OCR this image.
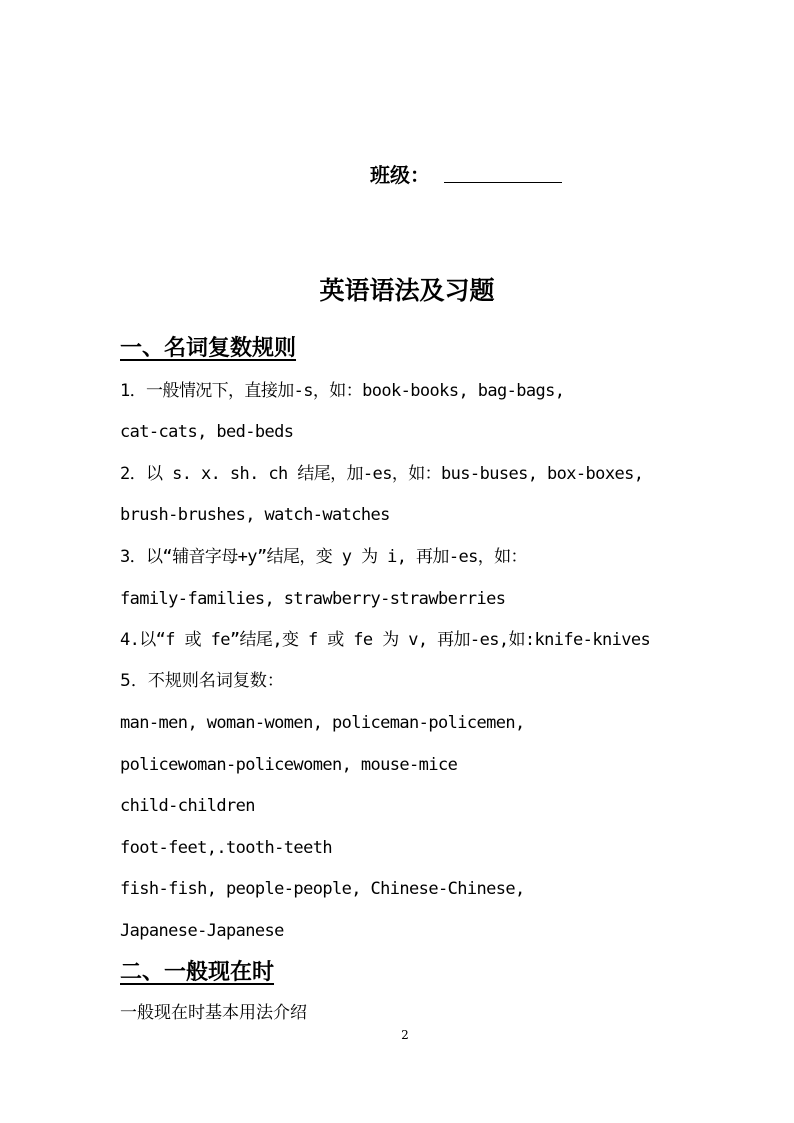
班级：
英语语法及习题
一、名词复数规则
1．一般情况下，直接加-s，如：book-books, bag-bags,
cat-cats, bed-beds
2．以 s. x. sh. ch 结尾，加-es，如：bus-buses, box-boxes,
brush-brushes, watch-watches
3．以“辅音字母+y”结尾，变 y 为 i, 再加-es，如：
family-families, strawberry-strawberries
4.以“f 或 fe”结尾,变 f 或 fe 为 v, 再加-es,如:knife-knives
5．不规则名词复数：
man-men, woman-women, policeman-policemen,
policewoman-policewomen, mouse-mice
child-children
foot-feet,.tooth-teeth
fish-fish, people-people, Chinese-Chinese,
Japanese-Japanese
二、一般现在时
一般现在时基本用法介绍
2
